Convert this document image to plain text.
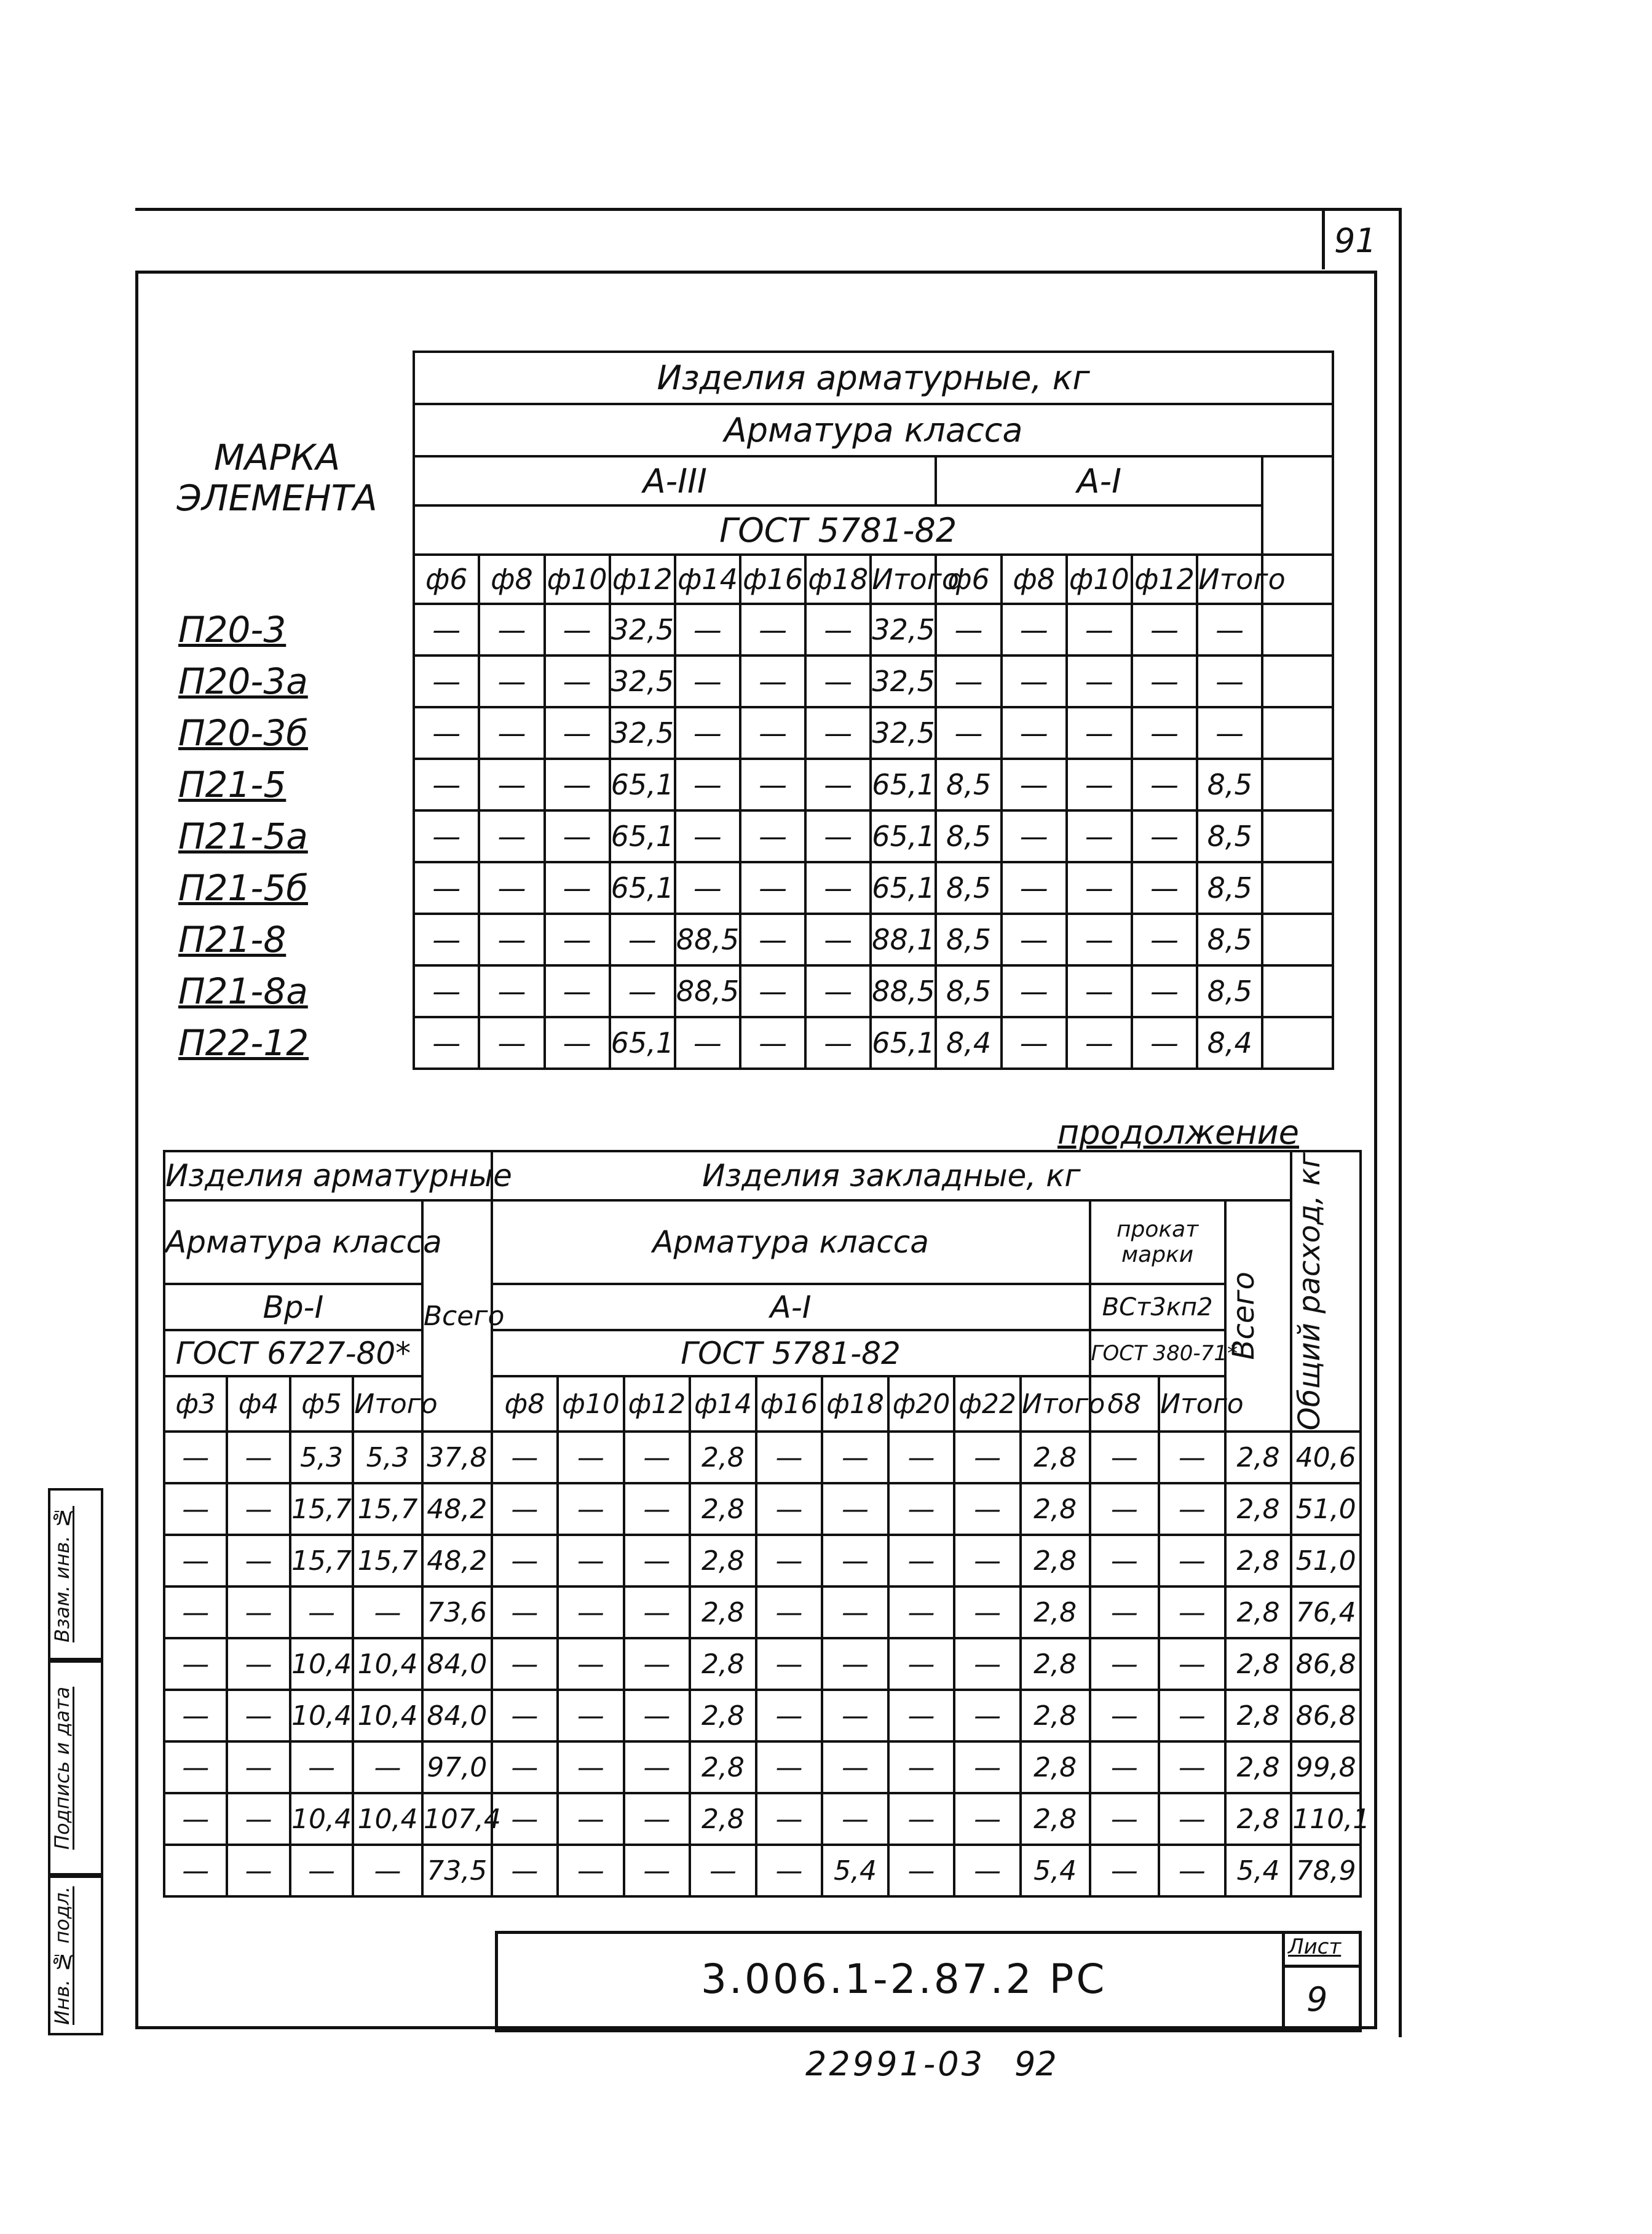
91
МАРКА ЭЛЕМЕНТА	Изделия арматурные, кг													
	Арматура класса													
	А-III								А-I					
	ГОСТ 5781-82													
	ф6	ф8	ф10	ф12	ф14	ф16	ф18	Итого	ф6	ф8	ф10	ф12	Итого	
П20-3	—	—	—	32,5	—	—	—	32,5	—	—	—	—	—	
П20-3а	—	—	—	32,5	—	—	—	32,5	—	—	—	—	—	
П20-3б	—	—	—	32,5	—	—	—	32,5	—	—	—	—	—	
П21-5	—	—	—	65,1	—	—	—	65,1	8,5	—	—	—	8,5	
П21-5а	—	—	—	65,1	—	—	—	65,1	8,5	—	—	—	8,5	
П21-5б	—	—	—	65,1	—	—	—	65,1	8,5	—	—	—	8,5	
П21-8	—	—	—	—	88,5	—	—	88,1	8,5	—	—	—	8,5	
П21-8а	—	—	—	—	88,5	—	—	88,5	8,5	—	—	—	8,5	
П22-12	—	—	—	65,1	—	—	—	65,1	8,4	—	—	—	8,4	
продолжение
Изделия арматурные					Изделия закладные, кг												Общий расход, кг

Арматура класса				Всего	Арматура класса									прокат марки		Всего	

Вр-I					А-I									ВСт3кп2			
ГОСТ 6727-80*					ГОСТ 5781-82									ГОСТ 380-71*			
ф3	ф4	ф5	Итого		ф8	ф10	ф12	ф14	ф16	ф18	ф20	ф22	Итого	δ8	Итого		
—	—	5,3	5,3	37,8	—	—	—	2,8	—	—	—	—	2,8	—	—	2,8	40,6
—	—	15,7	15,7	48,2	—	—	—	2,8	—	—	—	—	2,8	—	—	2,8	51,0
—	—	15,7	15,7	48,2	—	—	—	2,8	—	—	—	—	2,8	—	—	2,8	51,0
—	—	—	—	73,6	—	—	—	2,8	—	—	—	—	2,8	—	—	2,8	76,4
—	—	10,4	10,4	84,0	—	—	—	2,8	—	—	—	—	2,8	—	—	2,8	86,8
—	—	10,4	10,4	84,0	—	—	—	2,8	—	—	—	—	2,8	—	—	2,8	86,8
—	—	—	—	97,0	—	—	—	2,8	—	—	—	—	2,8	—	—	2,8	99,8
—	—	10,4	10,4	107,4	—	—	—	2,8	—	—	—	—	2,8	—	—	2,8	110,1
—	—	—	—	73,5	—	—	—	—	—	5,4	—	—	5,4	—	—	5,4	78,9
Инв. № подл.
Подпись и дата
Взам. инв. №
3.006.1-2.87.2 РС
Лист
9
22991-03 92
